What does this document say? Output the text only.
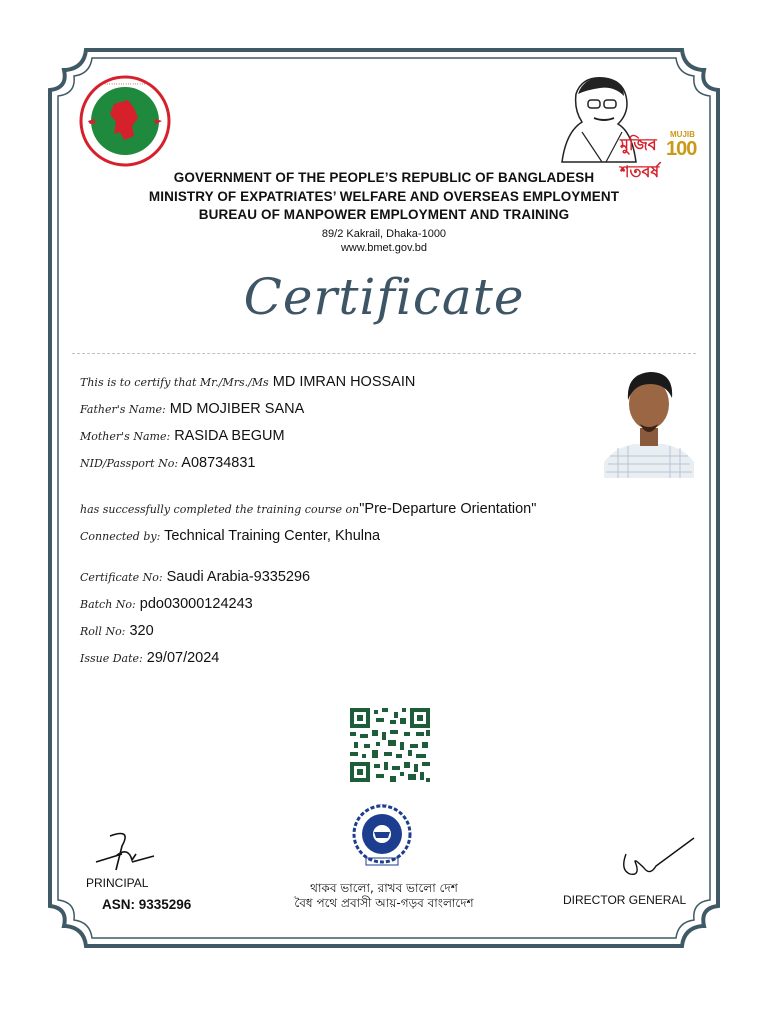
⋯⋯⋯⋯⋯⋯
মুজিব শতবর্ষ
MUJIB
100
GOVERNMENT OF THE PEOPLE’S REPUBLIC OF BANGLADESH
MINISTRY OF EXPATRIATES’ WELFARE AND OVERSEAS EMPLOYMENT
BUREAU OF MANPOWER EMPLOYMENT AND TRAINING
89/2 Kakrail, Dhaka-1000
www.bmet.gov.bd
Certificate
This is to certify that Mr./Mrs./Ms MD IMRAN HOSSAIN
Father's Name: MD MOJIBER SANA
Mother's Name: RASIDA BEGUM
NID/Passport No: A08734831
has successfully completed the training course on"Pre-Departure Orientation"
Connected by: Technical Training Center, Khulna
Certificate No: Saudi Arabia-9335296
Batch No: pdo03000124243
Roll No: 320
Issue Date: 29/07/2024
·······
PRINCIPAL
ASN: 9335296
থাকব ভালো, রাখব ভালো দেশ
বৈধ পথে প্রবাসী আয়-গড়ব বাংলাদেশ	DIRECTOR GENERAL
